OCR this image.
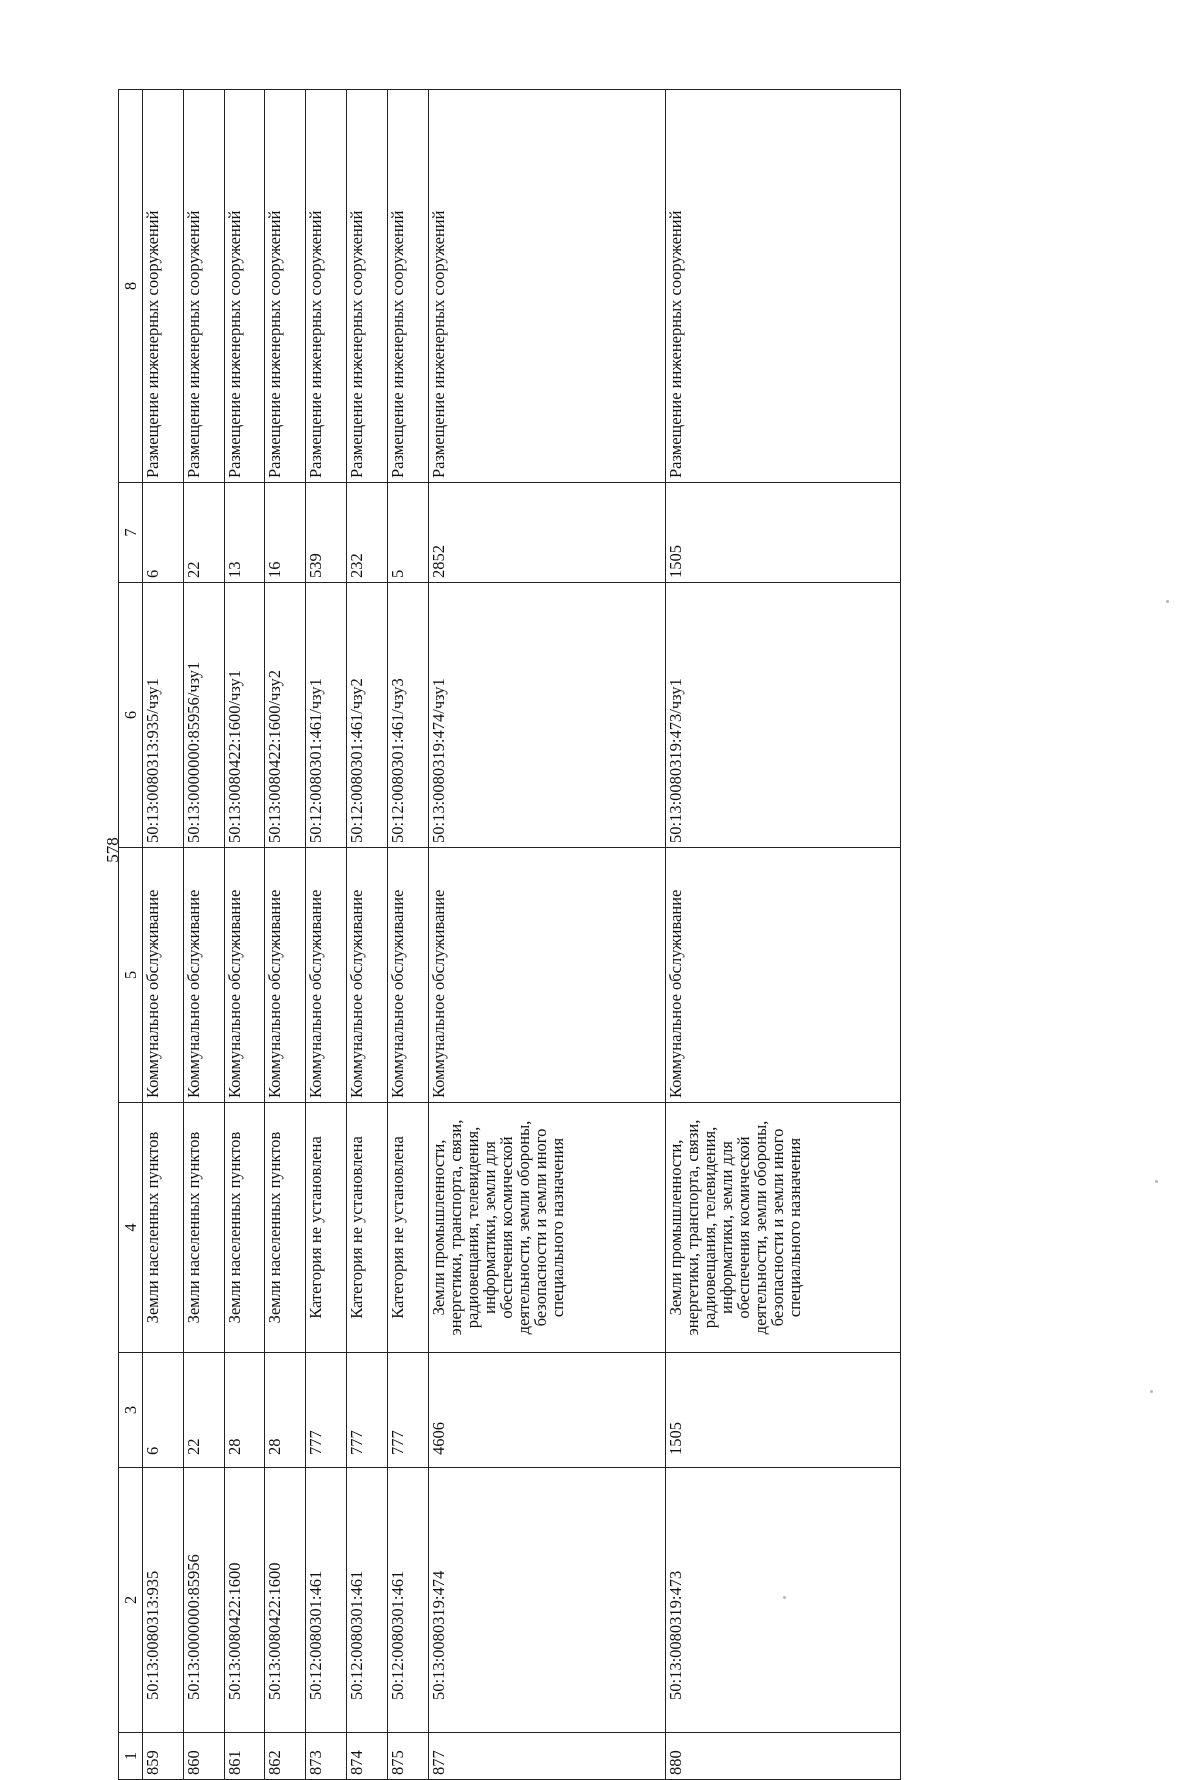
578
1	2	3	4	5	6	7	8
859	50:13:0080313:935	6	Земли населенных пунктов	Коммунальное обслуживание	50:13:0080313:935/чзу1	6	Размещение инженерных сооружений
860	50:13:0000000:85956	22	Земли населенных пунктов	Коммунальное обслуживание	50:13:0000000:85956/чзу1	22	Размещение инженерных сооружений
861	50:13:0080422:1600	28	Земли населенных пунктов	Коммунальное обслуживание	50:13:0080422:1600/чзу1	13	Размещение инженерных сооружений
862	50:13:0080422:1600	28	Земли населенных пунктов	Коммунальное обслуживание	50:13:0080422:1600/чзу2	16	Размещение инженерных сооружений
873	50:12:0080301:461	777	Категория не установлена	Коммунальное обслуживание	50:12:0080301:461/чзу1	539	Размещение инженерных сооружений
874	50:12:0080301:461	777	Категория не установлена	Коммунальное обслуживание	50:12:0080301:461/чзу2	232	Размещение инженерных сооружений
875	50:12:0080301:461	777	Категория не установлена	Коммунальное обслуживание	50:12:0080301:461/чзу3	5	Размещение инженерных сооружений
877	50:13:0080319:474	4606	Земли промышленности, энергетики, транспорта, связи, радиовещания, телевидения, информатики, земли для обеспечения космической деятельности, земли обороны, безопасности и земли иного специального назначения	Коммунальное обслуживание	50:13:0080319:474/чзу1	2852	Размещение инженерных сооружений
880	50:13:0080319:473	1505	Земли промышленности, энергетики, транспорта, связи, радиовещания, телевидения, информатики, земли для обеспечения космической деятельности, земли обороны, безопасности и земли иного специального назначения	Коммунальное обслуживание	50:13:0080319:473/чзу1	1505	Размещение инженерных сооружений
